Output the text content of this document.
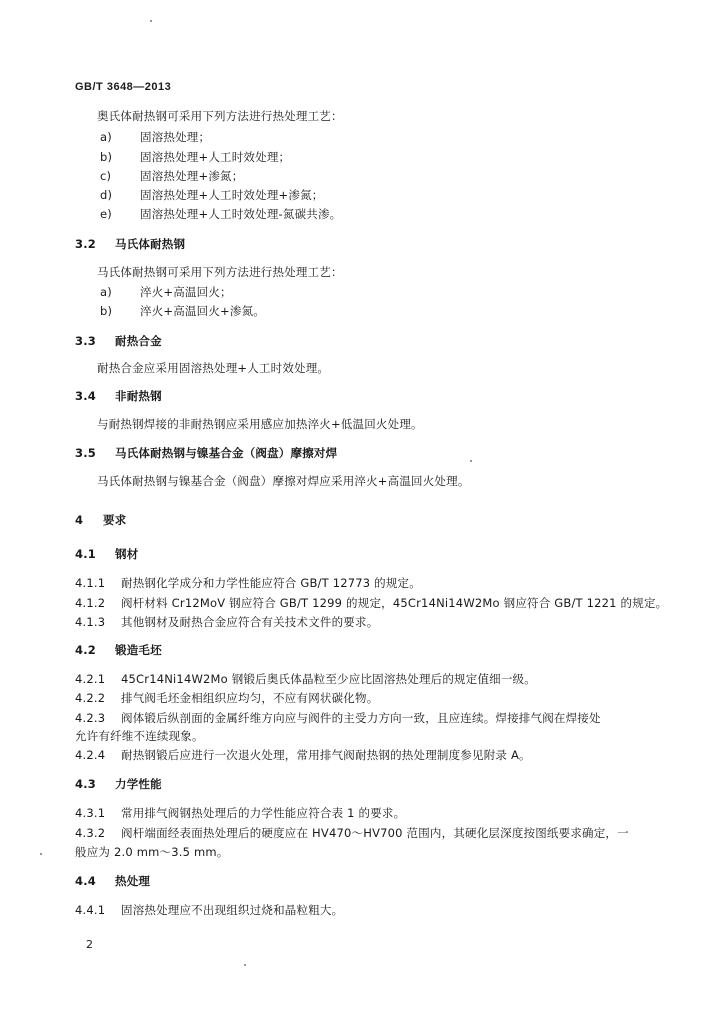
GB/T 3648—2013
奥氏体耐热钢可采用下列方法进行热处理工艺：
a) 固溶热处理；
b) 固溶热处理+人工时效处理；
c)	固溶热处理+渗氮；
d) 固溶热处理+人工时效处理+渗氮；
e) 固溶热处理+人工时效处理-氮碳共渗。
3.2 马氏体耐热钢
马氏体耐热钢可采用下列方法进行热处理工艺：
a) 淬火+高温回火；
b) 淬火+高温回火+渗氮。
3.3 耐热合金
耐热合金应采用固溶热处理+人工时效处理。
3.4 非耐热钢
与耐热钢焊接的非耐热钢应采用感应加热淬火+低温回火处理。
3.5 马氏体耐热钢与镍基合金（阀盘）摩擦对焊
马氏体耐热钢与镍基合金（阀盘）摩擦对焊应采用淬火+高温回火处理。
4 要求
4.1 钢材
4.1.1 耐热钢化学成分和力学性能应符合 GB/T 12773 的规定。
4.1.2 阀杆材料 Cr12MoV 钢应符合 GB/T 1299 的规定，45Cr14Ni14W2Mo 钢应符合 GB/T 1221 的规定。
4.1.3 其他钢材及耐热合金应符合有关技术文件的要求。
4.2 锻造毛坯
4.2.1 45Cr14Ni14W2Mo 钢锻后奥氏体晶粒至少应比固溶热处理后的规定值细一级。
4.2.2 排气阀毛坯金相组织应均匀，不应有网状碳化物。
4.2.3 阀体锻后纵剖面的金属纤维方向应与阀件的主受力方向一致，且应连续。焊接排气阀在焊接处
允许有纤维不连续现象。
4.2.4 耐热钢锻后应进行一次退火处理，常用排气阀耐热钢的热处理制度参见附录 A。
4.3 力学性能
4.3.1 常用排气阀钢热处理后的力学性能应符合表 1 的要求。
4.3.2 阀杆端面经表面热处理后的硬度应在 HV470～HV700 范围内，其硬化层深度按图纸要求确定，一
般应为 2.0 mm～3.5 mm。
4.4 热处理
4.4.1 固溶热处理应不出现组织过烧和晶粒粗大。
2
